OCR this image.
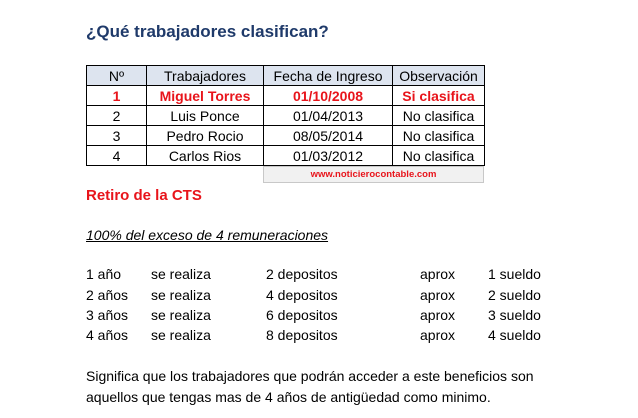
¿Qué trabajadores clasifican?
Nº	Trabajadores	Fecha de Ingreso	Observación
1	Miguel Torres	01/10/2008	Si clasifica
2	Luis Ponce	01/04/2013	No clasifica
3	Pedro Rocio	08/05/2014	No clasifica
4	Carlos Rios	01/03/2012	No clasifica
www.noticierocontable.com
Retiro de la CTS
100% del exceso de 4 remuneraciones
1 año se realiza	2 depositos	aprox 1 sueldo
2 años se realiza	4 depositos	aprox 2 sueldo
3 años se realiza	6 depositos	aprox 3 sueldo
4 años se realiza	8 depositos	aprox 4 sueldo
Significa que los trabajadores que podrán acceder a este beneficios son
aquellos que tengas mas de 4 años de antigüedad como minimo.
